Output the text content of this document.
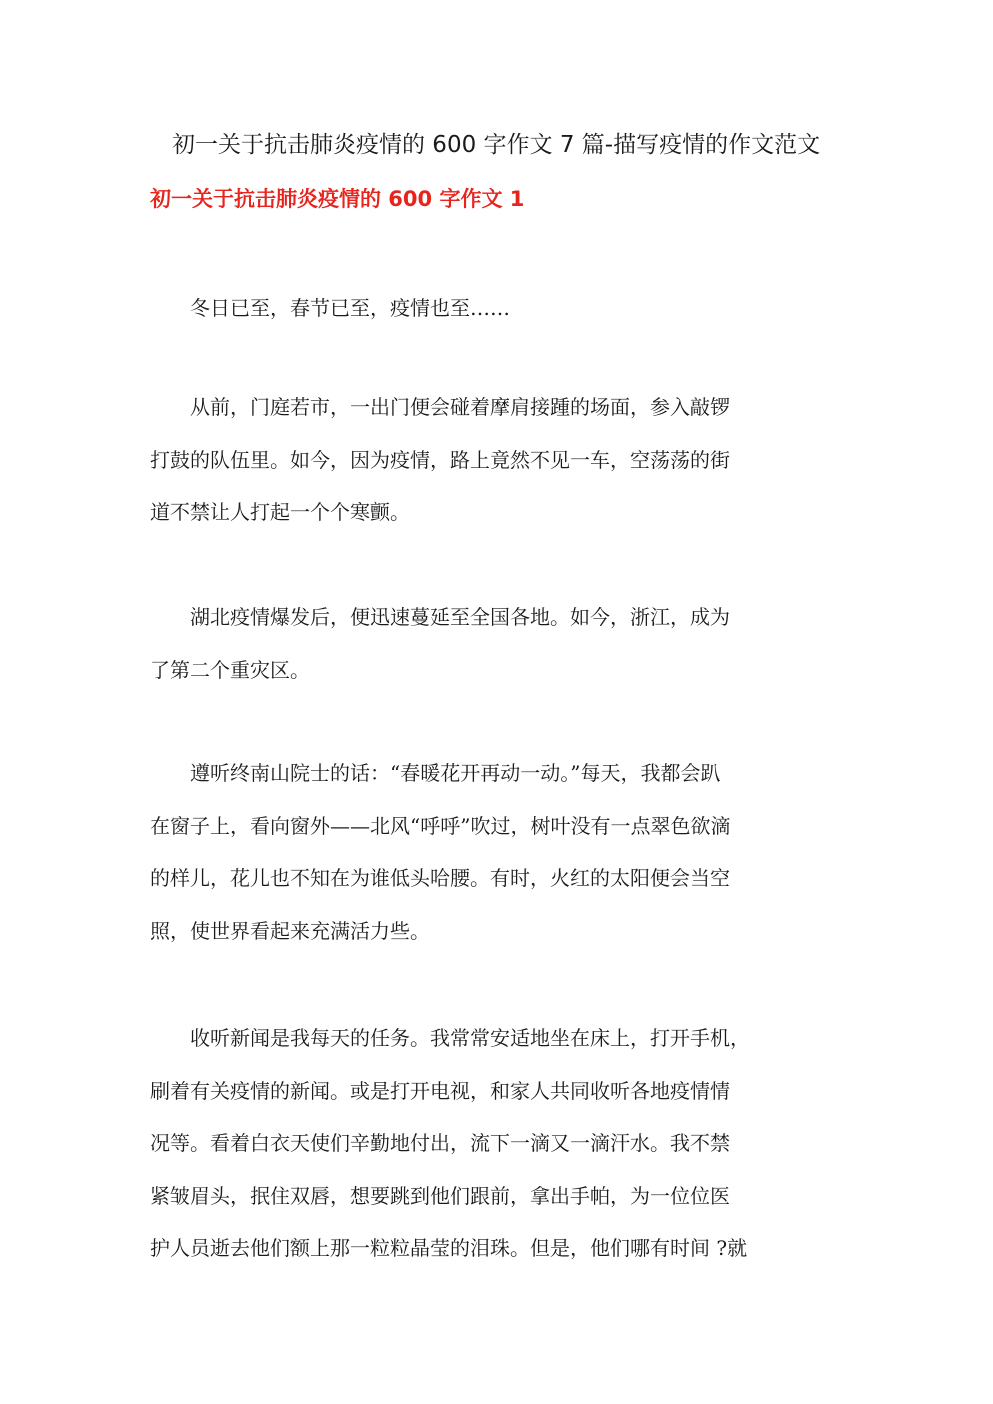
初一关于抗击肺炎疫情的 600 字作文 7 篇-描写疫情的作文范文
初一关于抗击肺炎疫情的 600 字作文 1

冬日已至，春节已至，疫情也至……

从前，门庭若市，一出门便会碰着摩肩接踵的场面，参入敲锣
打鼓的队伍里。如今，因为疫情，路上竟然不见一车，空荡荡的街
道不禁让人打起一个个寒颤。

湖北疫情爆发后，便迅速蔓延至全国各地。如今，浙江，成为
了第二个重灾区。

遵听终南山院士的话：“春暖花开再动一动。”每天，我都会趴
在窗子上，看向窗外——北风“呼呼”吹过，树叶没有一点翠色欲滴
的样儿，花儿也不知在为谁低头哈腰。有时，火红的太阳便会当空
照，使世界看起来充满活力些。

收听新闻是我每天的任务。我常常安适地坐在床上，打开手机，
刷着有关疫情的新闻。或是打开电视，和家人共同收听各地疫情情
况等。看着白衣天使们辛勤地付出，流下一滴又一滴汗水。我不禁
紧皱眉头，抿住双唇，想要跳到他们跟前，拿出手帕，为一位位医
护人员逝去他们额上那一粒粒晶莹的泪珠。但是，他们哪有时间 ?就
